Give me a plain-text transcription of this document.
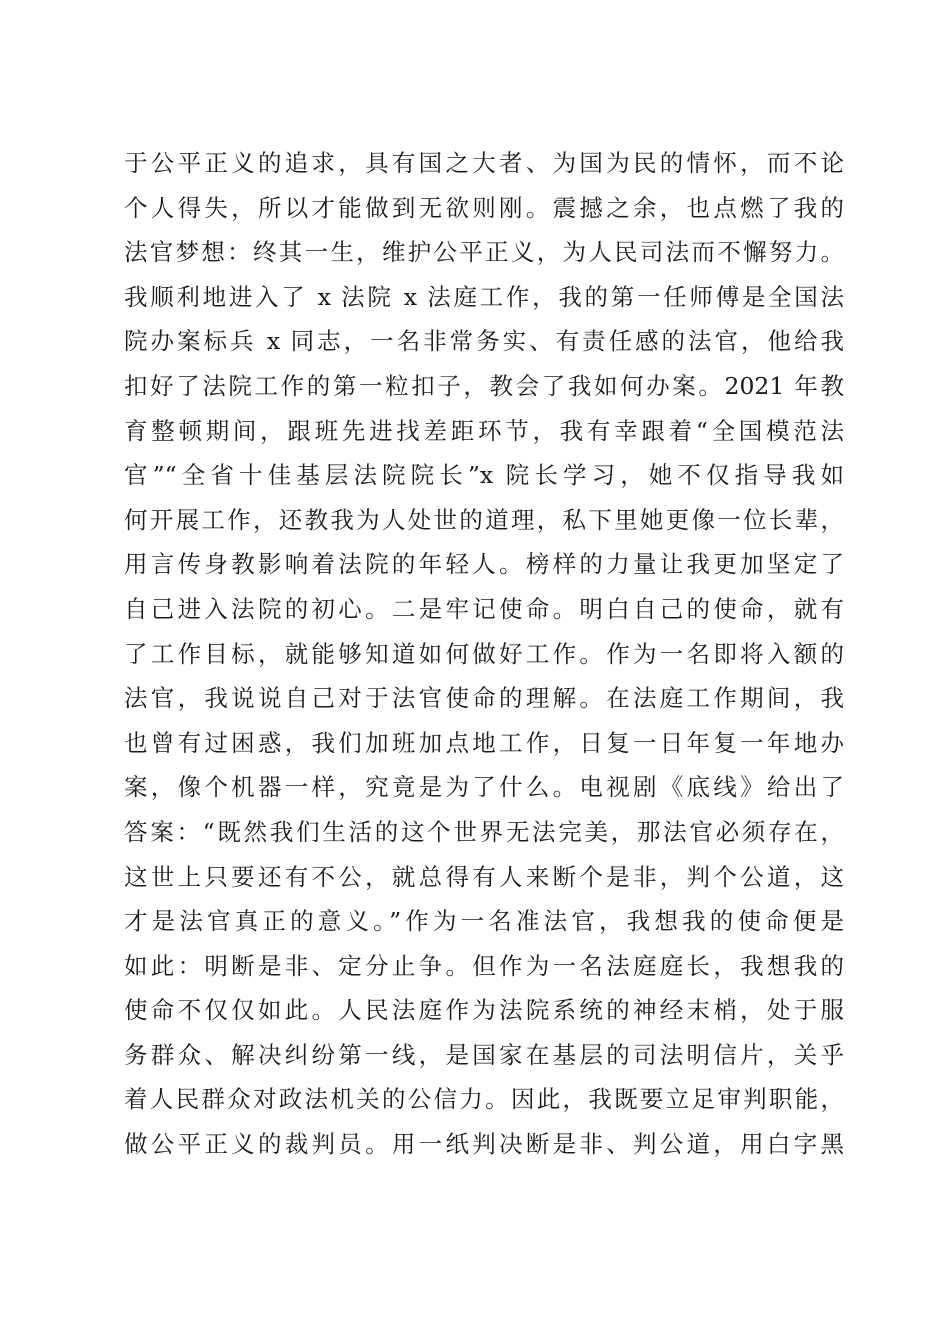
于公平正义的追求，具有国之大者、为国为民的情怀，而不论
个人得失，所以才能做到无欲则刚。震撼之余，也点燃了我的
法官梦想：终其一生，维护公平正义，为人民司法而不懈努力。
我顺利地进入了 x 法院 x 法庭工作，我的第一任师傅是全国法
院办案标兵 x 同志，一名非常务实、有责任感的法官，他给我
扣好了法院工作的第一粒扣子，教会了我如何办案。2021 年教
育整顿期间，跟班先进找差距环节，我有幸跟着“全国模范法
官”“全省十佳基层法院院长”x 院长学习，她不仅指导我如
何开展工作，还教我为人处世的道理，私下里她更像一位长辈，
用言传身教影响着法院的年轻人。榜样的力量让我更加坚定了
自己进入法院的初心。二是牢记使命。明白自己的使命，就有
了工作目标，就能够知道如何做好工作。作为一名即将入额的
法官，我说说自己对于法官使命的理解。在法庭工作期间，我
也曾有过困惑，我们加班加点地工作，日复一日年复一年地办
案，像个机器一样，究竟是为了什么。电视剧《底线》给出了
答案：“既然我们生活的这个世界无法完美，那法官必须存在，
这世上只要还有不公，就总得有人来断个是非，判个公道，这
才是法官真正的意义。”作为一名准法官，我想我的使命便是
如此：明断是非、定分止争。但作为一名法庭庭长，我想我的
使命不仅仅如此。人民法庭作为法院系统的神经末梢，处于服
务群众、解决纠纷第一线，是国家在基层的司法明信片，关乎
着人民群众对政法机关的公信力。因此，我既要立足审判职能，
做公平正义的裁判员。用一纸判决断是非、判公道，用白字黑
